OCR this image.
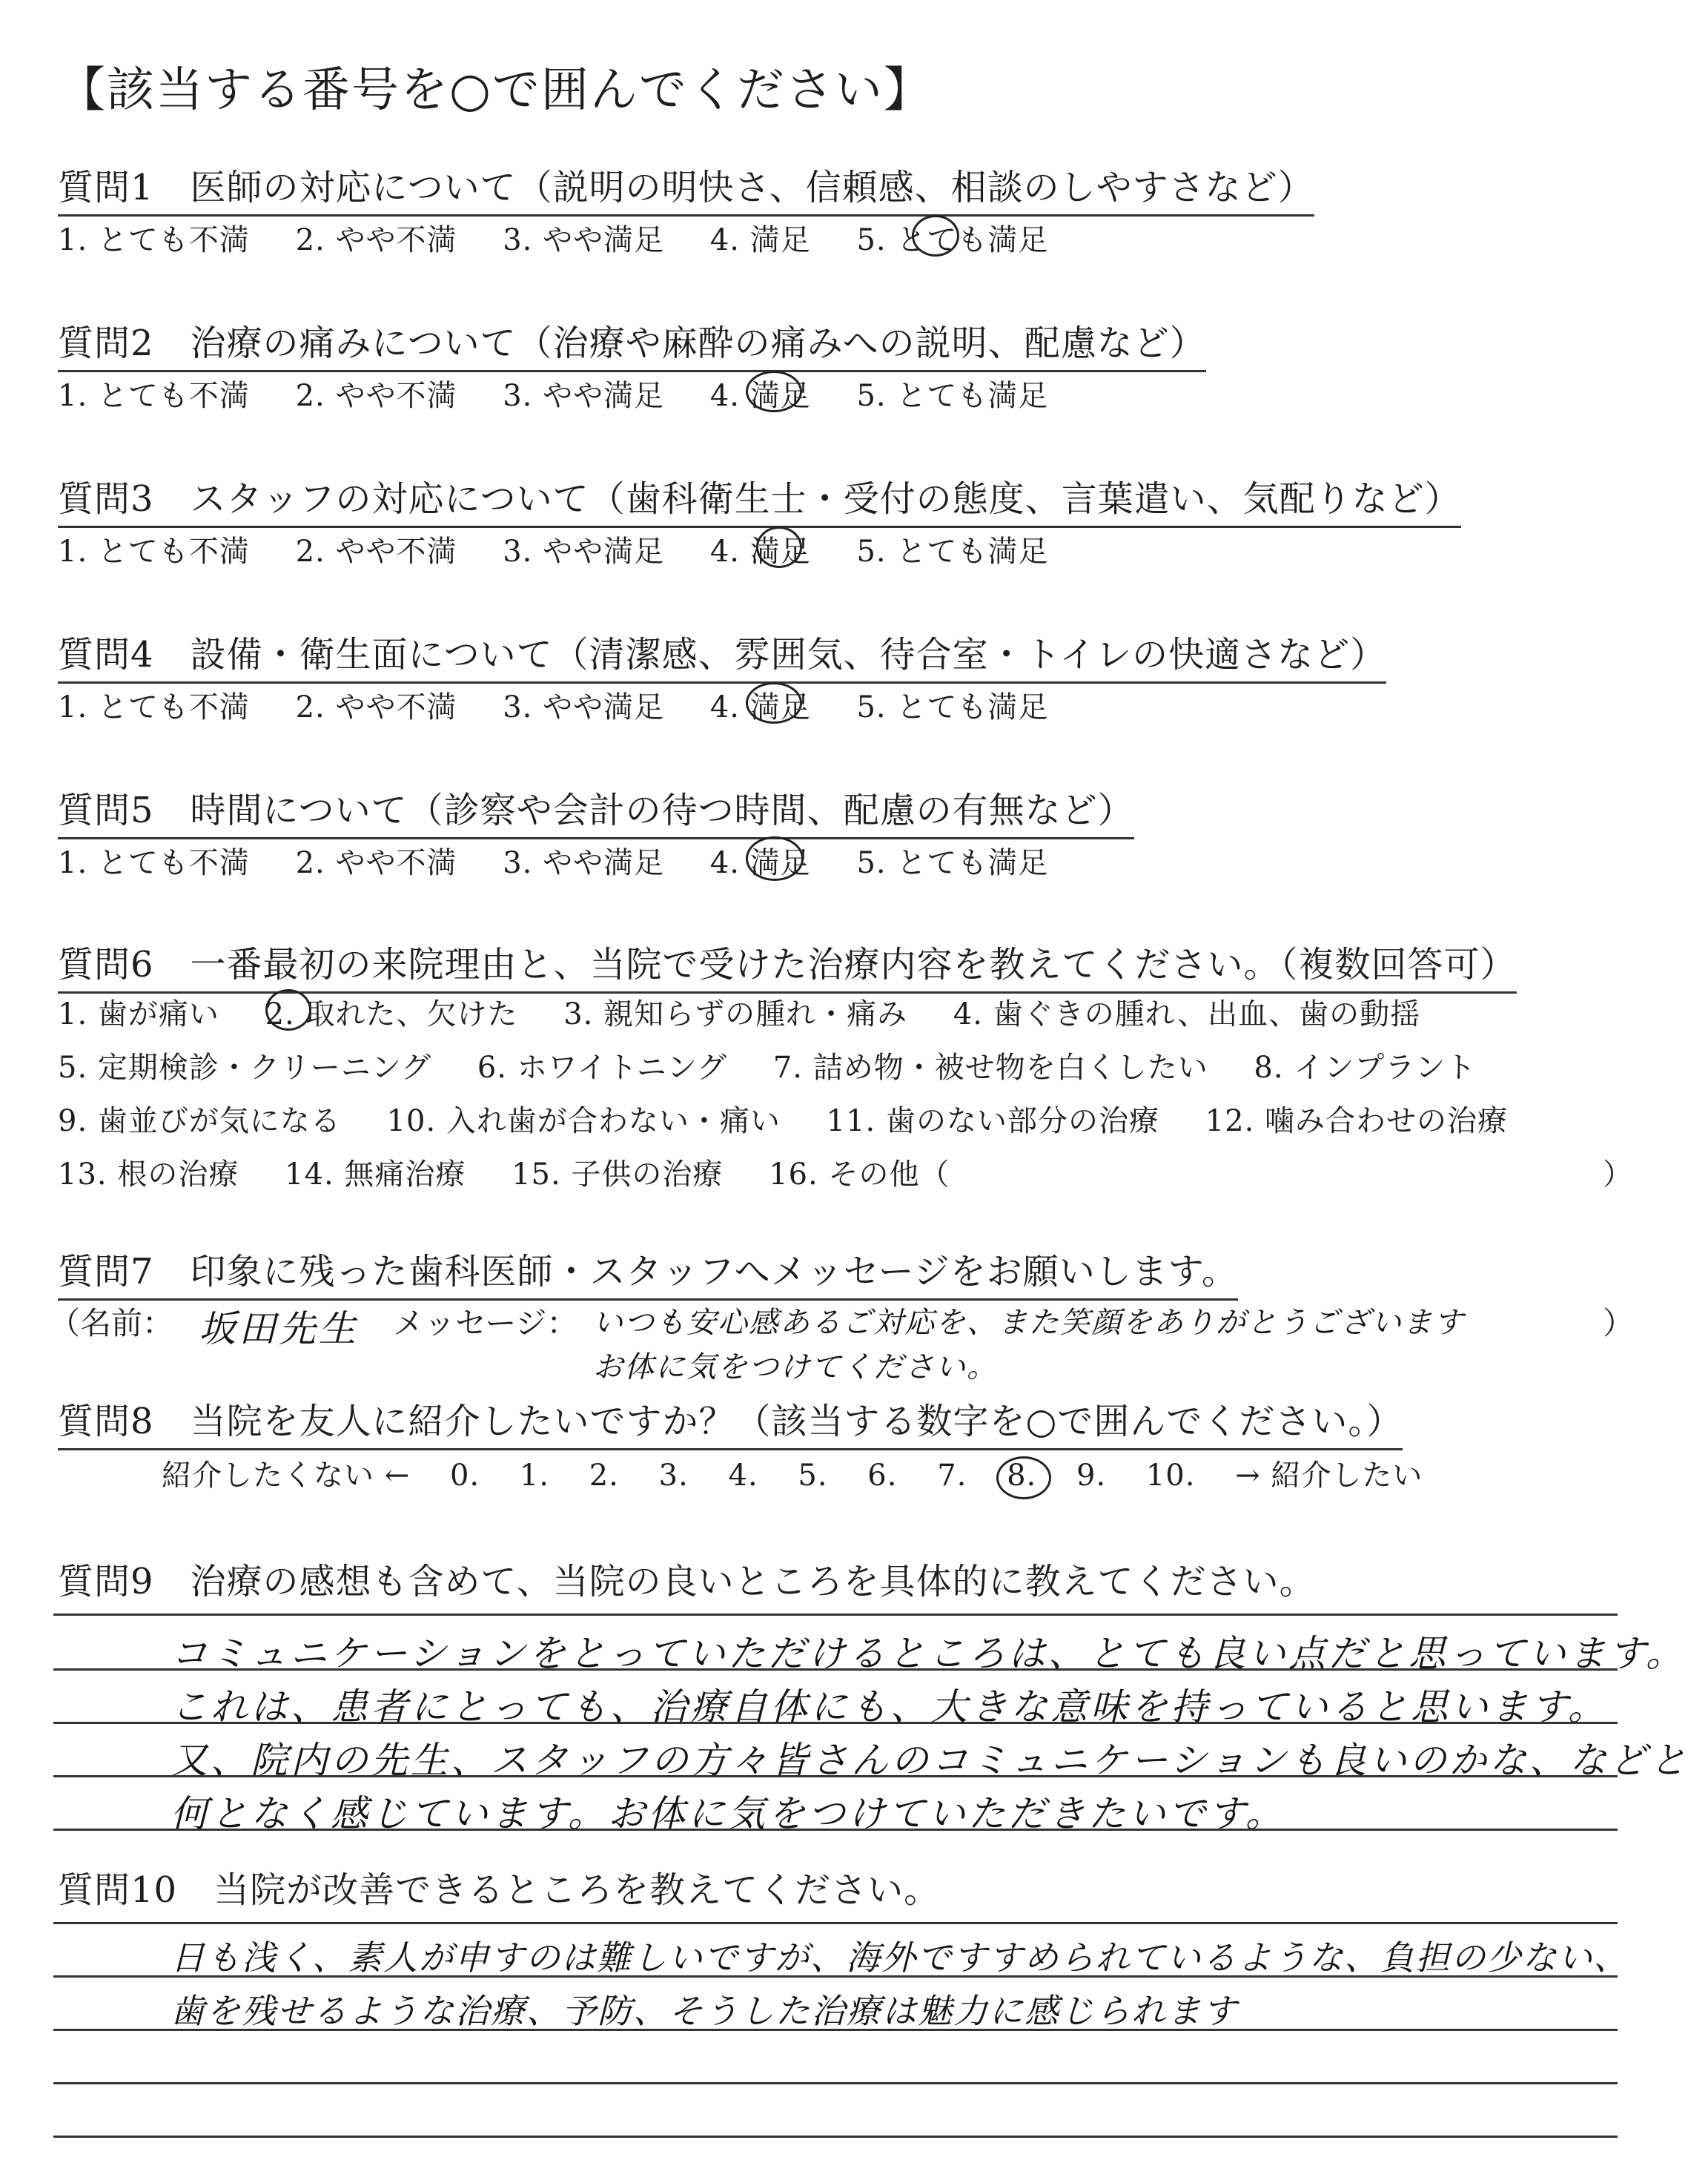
【該当する番号を○で囲んでください】
質問1　医師の対応について（説明の明快さ、信頼感、相談のしやすさなど）
1. とても不満 2. やや不満 3. やや満足 4. 満足 5. とても満足
質問2　治療の痛みについて（治療や麻酔の痛みへの説明、配慮など）
1. とても不満 2. やや不満 3. やや満足 4. 満足 5. とても満足
質問3　スタッフの対応について（歯科衛生士・受付の態度、言葉遣い、気配りなど）
1. とても不満 2. やや不満 3. やや満足 4. 満足 5. とても満足
質問4　設備・衛生面について（清潔感、雰囲気、待合室・トイレの快適さなど）
1. とても不満 2. やや不満 3. やや満足 4. 満足 5. とても満足
質問5　時間について（診察や会計の待つ時間、配慮の有無など）
1. とても不満 2. やや不満 3. やや満足 4. 満足 5. とても満足
質問6　一番最初の来院理由と、当院で受けた治療内容を教えてください。（複数回答可）
1. 歯が痛い 2. 取れた、欠けた 3. 親知らずの腫れ・痛み 4. 歯ぐきの腫れ、出血、歯の動揺
5. 定期検診・クリーニング 6. ホワイトニング 7. 詰め物・被せ物を白くしたい 8. インプラント
9. 歯並びが気になる 10. 入れ歯が合わない・痛い 11. 歯のない部分の治療 12. 噛み合わせの治療
13. 根の治療 14. 無痛治療 15. 子供の治療 16. その他（	）
質問7　印象に残った歯科医師・スタッフへメッセージをお願いします。
（名前： 坂田先生 メッセージ： いつも安心感あるご対応を、また笑顔をありがとうございます
お体に気をつけてください。
）
質問8　当院を友人に紹介したいですか？（該当する数字を○で囲んでください。）
紹介したくない ← 0. 1. 2. 3. 4. 5. 6. 7. 8. 9. 10. → 紹介したい
質問9　治療の感想も含めて、当院の良いところを具体的に教えてください。
コミュニケーションをとっていただけるところは、とても良い点だと思っています。
これは、患者にとっても、治療自体にも、大きな意味を持っていると思います。
又、院内の先生、スタッフの方々皆さんのコミュニケーションも良いのかな、などと
何となく感じています。お体に気をつけていただきたいです。
質問10　当院が改善できるところを教えてください。
日も浅く、素人が申すのは難しいですが、海外ですすめられているような、負担の少ない、
歯を残せるような治療、予防、そうした治療は魅力に感じられます
